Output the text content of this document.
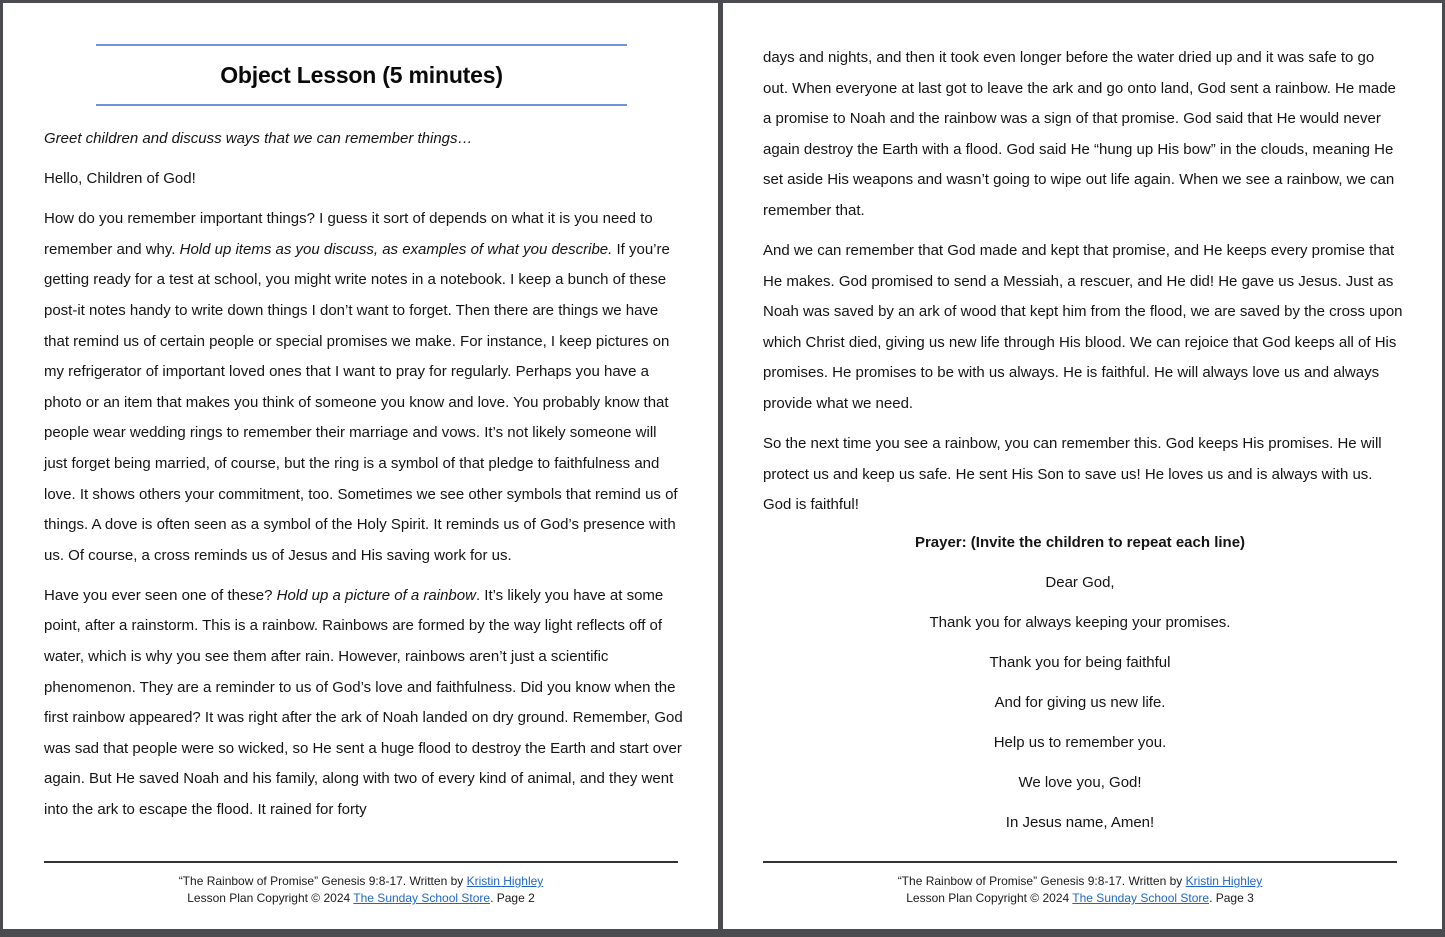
Object Lesson (5 minutes)

Greet children and discuss ways that we can remember things…

Hello, Children of God!

How do you remember important things? I guess it sort of depends on what it is you need to remember and why. Hold up items as you discuss, as examples of what you describe. If you’re getting ready for a test at school, you might write notes in a notebook. I keep a bunch of these post-it notes handy to write down things I don’t want to forget. Then there are things we have that remind us of certain people or special promises we make. For instance, I keep pictures on my refrigerator of important loved ones that I want to pray for regularly. Perhaps you have a photo or an item that makes you think of someone you know and love. You probably know that people wear wedding rings to remember their marriage and vows. It’s not likely someone will just forget being married, of course, but the ring is a symbol of that pledge to faithfulness and love. It shows others your commitment, too. Sometimes we see other symbols that remind us of things. A dove is often seen as a symbol of the Holy Spirit. It reminds us of God’s presence with us. Of course, a cross reminds us of Jesus and His saving work for us.

Have you ever seen one of these? Hold up a picture of a rainbow. It’s likely you have at some point, after a rainstorm. This is a rainbow. Rainbows are formed by the way light reflects off of water, which is why you see them after rain. However, rainbows aren’t just a scientific phenomenon. They are a reminder to us of God’s love and faithfulness. Did you know when the first rainbow appeared? It was right after the ark of Noah landed on dry ground. Remember, God was sad that people were so wicked, so He sent a huge flood to destroy the Earth and start over again. But He saved Noah and his family, along with two of every kind of animal, and they went into the ark to escape the flood. It rained for forty

“The Rainbow of Promise” Genesis 9:8-17. Written by Kristin Highley
Lesson Plan Copyright © 2024 The Sunday School Store. Page 2

days and nights, and then it took even longer before the water dried up and it was safe to go out. When everyone at last got to leave the ark and go onto land, God sent a rainbow. He made a promise to Noah and the rainbow was a sign of that promise. God said that He would never again destroy the Earth with a flood. God said He “hung up His bow” in the clouds, meaning He set aside His weapons and wasn’t going to wipe out life again. When we see a rainbow, we can remember that.

And we can remember that God made and kept that promise, and He keeps every promise that He makes. God promised to send a Messiah, a rescuer, and He did! He gave us Jesus. Just as Noah was saved by an ark of wood that kept him from the flood, we are saved by the cross upon which Christ died, giving us new life through His blood. We can rejoice that God keeps all of His promises. He promises to be with us always. He is faithful. He will always love us and always provide what we need.

So the next time you see a rainbow, you can remember this. God keeps His promises. He will protect us and keep us safe. He sent His Son to save us! He loves us and is always with us. God is faithful!

Prayer: (Invite the children to repeat each line)
Dear God,
Thank you for always keeping your promises.
Thank you for being faithful
And for giving us new life.
Help us to remember you.
We love you, God!
In Jesus name, Amen!
“The Rainbow of Promise” Genesis 9:8-17. Written by Kristin Highley
Lesson Plan Copyright © 2024 The Sunday School Store. Page 3
